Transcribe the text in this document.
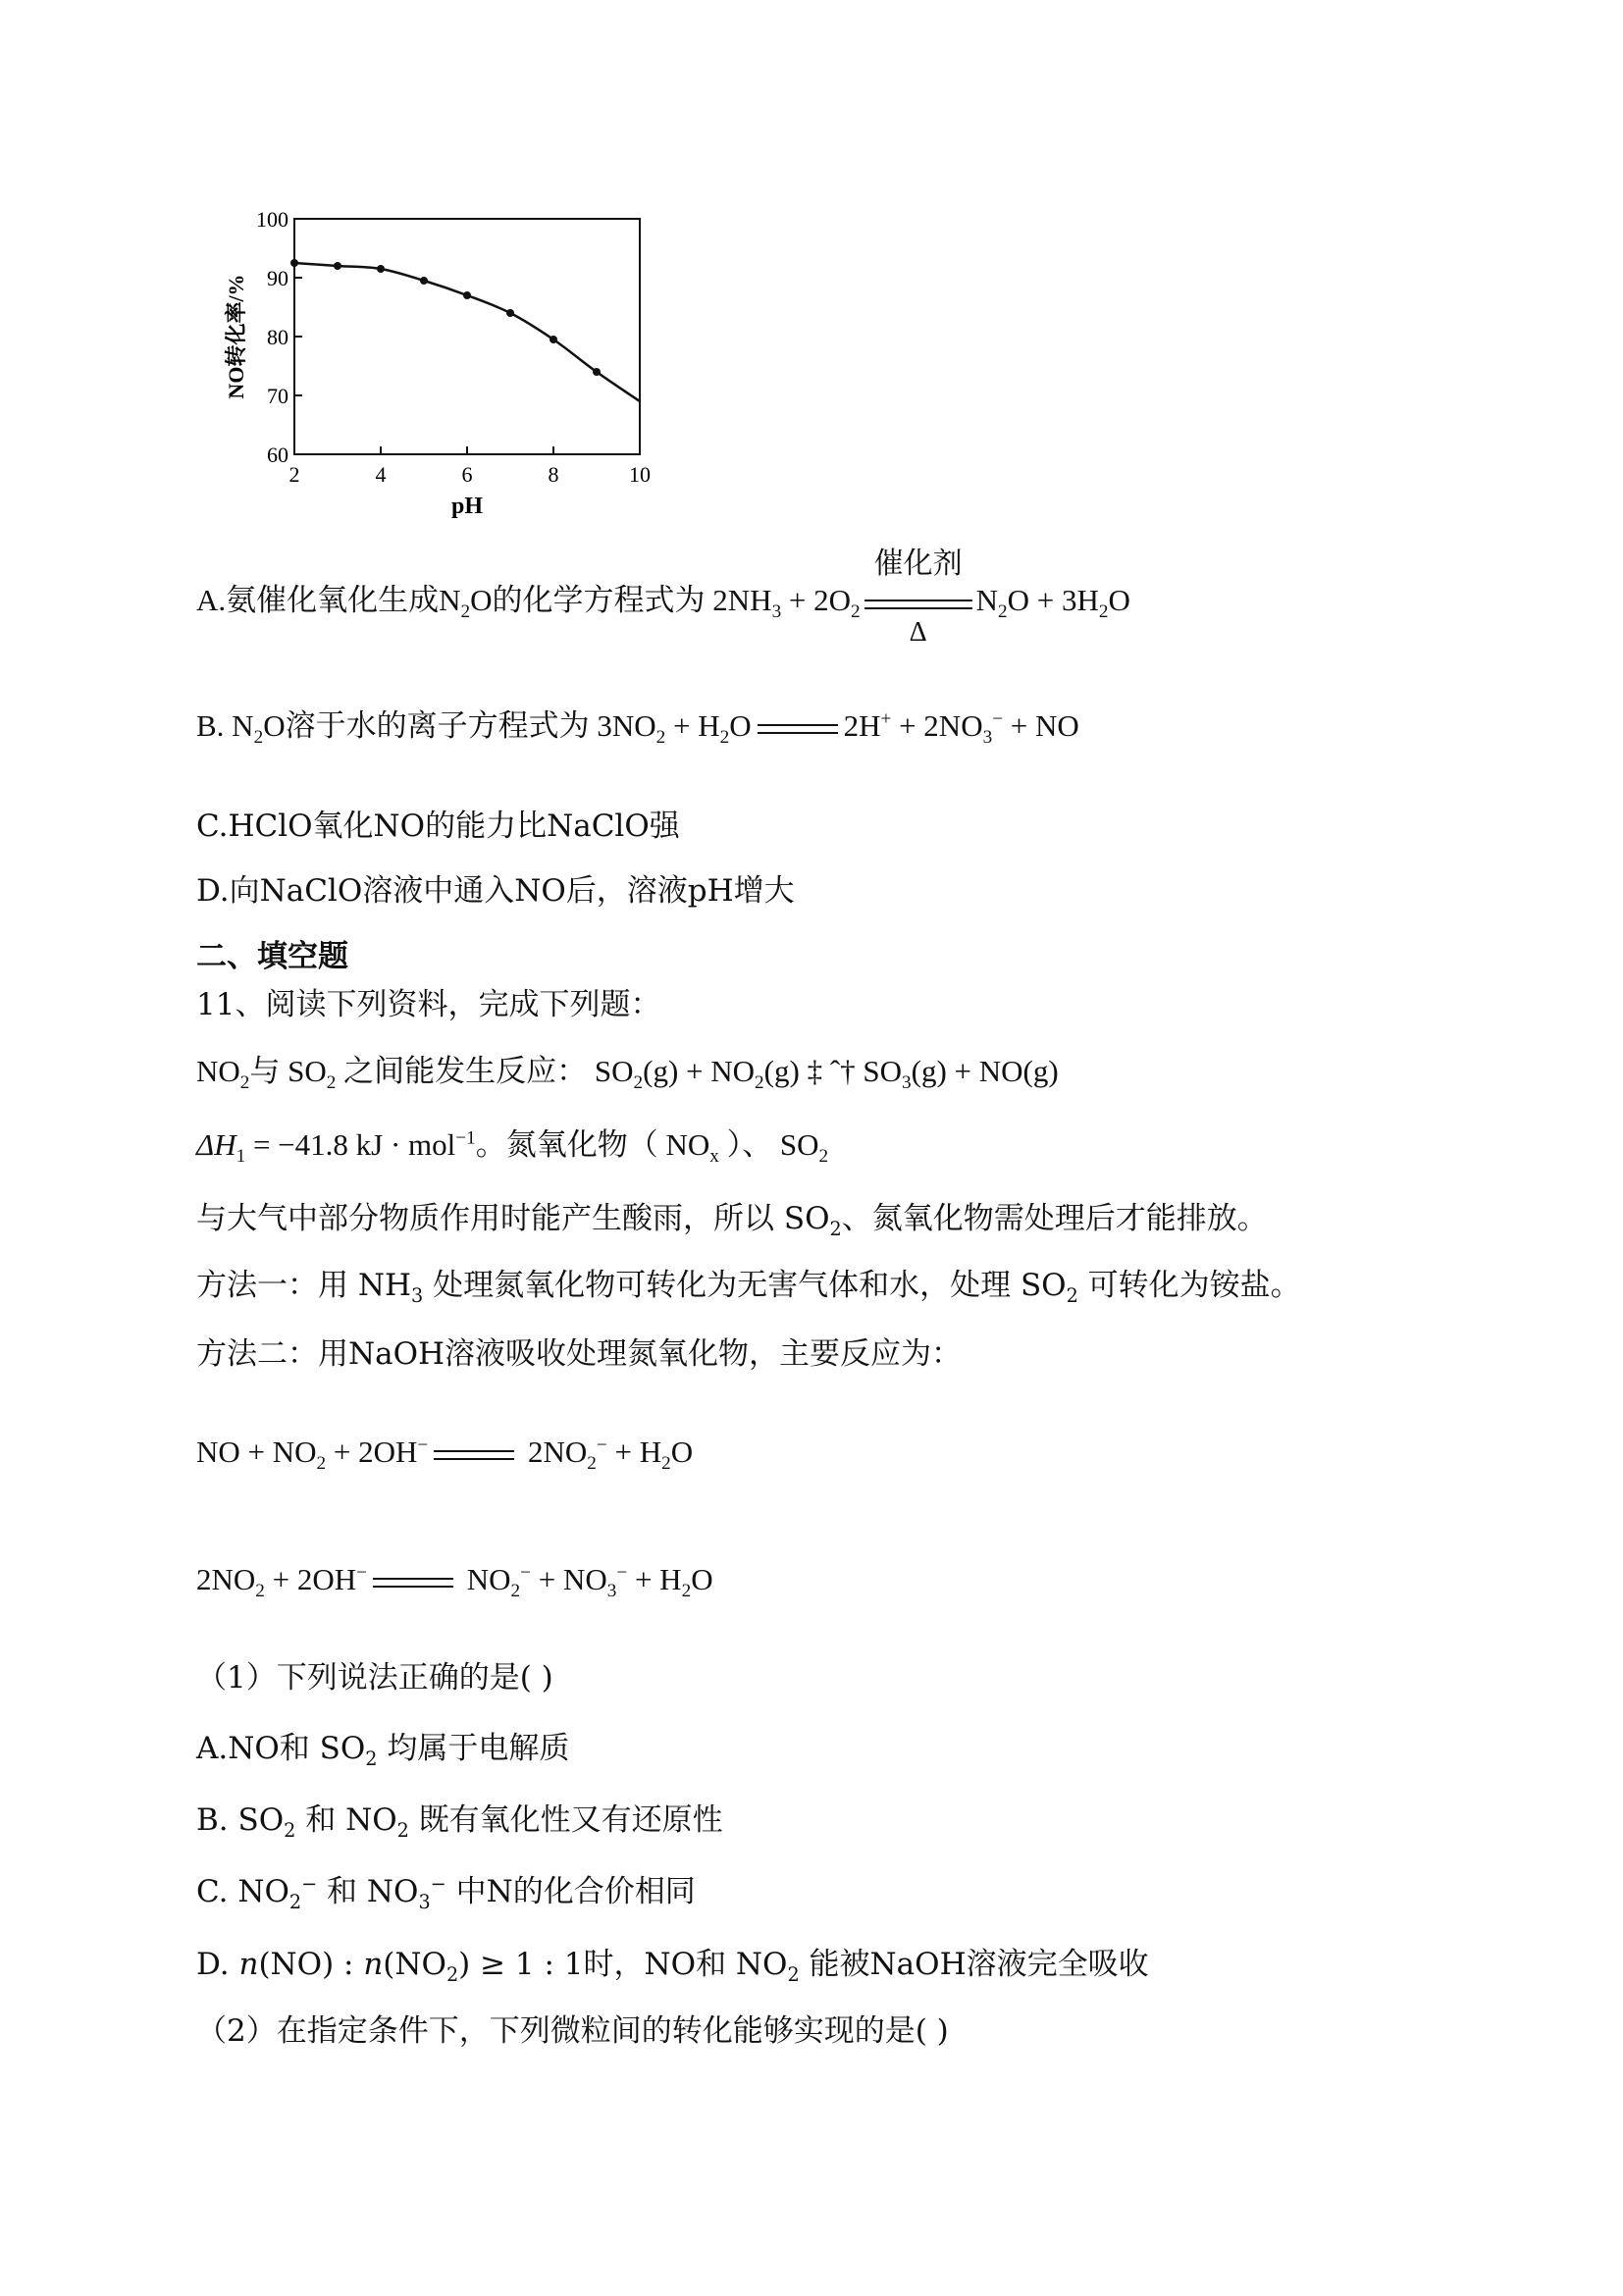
60
70
80
90
100
2	4	6	8	10
NO转化率/%
pH
A.氨催化氧化生成$N_2O$的化学方程式为 $2NH_3 + 2O_2$
催化剂
Δ
$N_2O + 3H_2O$
B. $N_2O$溶于水的离子方程式为 $3NO_2 + H_2O$	$2H^+ + 2NO_3^-$ + NO
C.HClO氧化NO的能力比NaClO强
D.向NaClO溶液中通入NO后，溶液pH增大
二、填空题
11、阅读下列资料，完成下列题：
$NO_2$与 $SO_2$ 之间能发生反应： $SO_2(g) + NO_2(g)$ ‡ ˆ† $SO_3(g) + NO(g)$
$\Delta H_1 = -41.8$ kJ · mol$^{-1}$。氮氧化物（ $NO_x$ ）、 $SO_2$
与大气中部分物质作用时能产生酸雨，所以 $SO_2$、氮氧化物需处理后才能排放。
方法一：用 $NH_3$ 处理氮氧化物可转化为无害气体和水，处理 $SO_2$ 可转化为铵盐。
方法二：用NaOH溶液吸收处理氮氧化物，主要反应为：
NO + $NO_2 + 2OH^-$	$2NO_2^- + H_2O$
$2NO_2 + 2OH^-$	$NO_2^- + NO_3^- + H_2O$
（1）下列说法正确的是( )
A.NO和 $SO_2$ 均属于电解质
B. $SO_2$ 和 $NO_2$ 既有氧化性又有还原性
C. $NO_2^-$ 和 $NO_3^-$ 中N的化合价相同
D. n(NO) : $n(NO_2) \ge 1$ : 1时，NO和 $NO_2$ 能被NaOH溶液完全吸收
（2）在指定条件下，下列微粒间的转化能够实现的是( )
